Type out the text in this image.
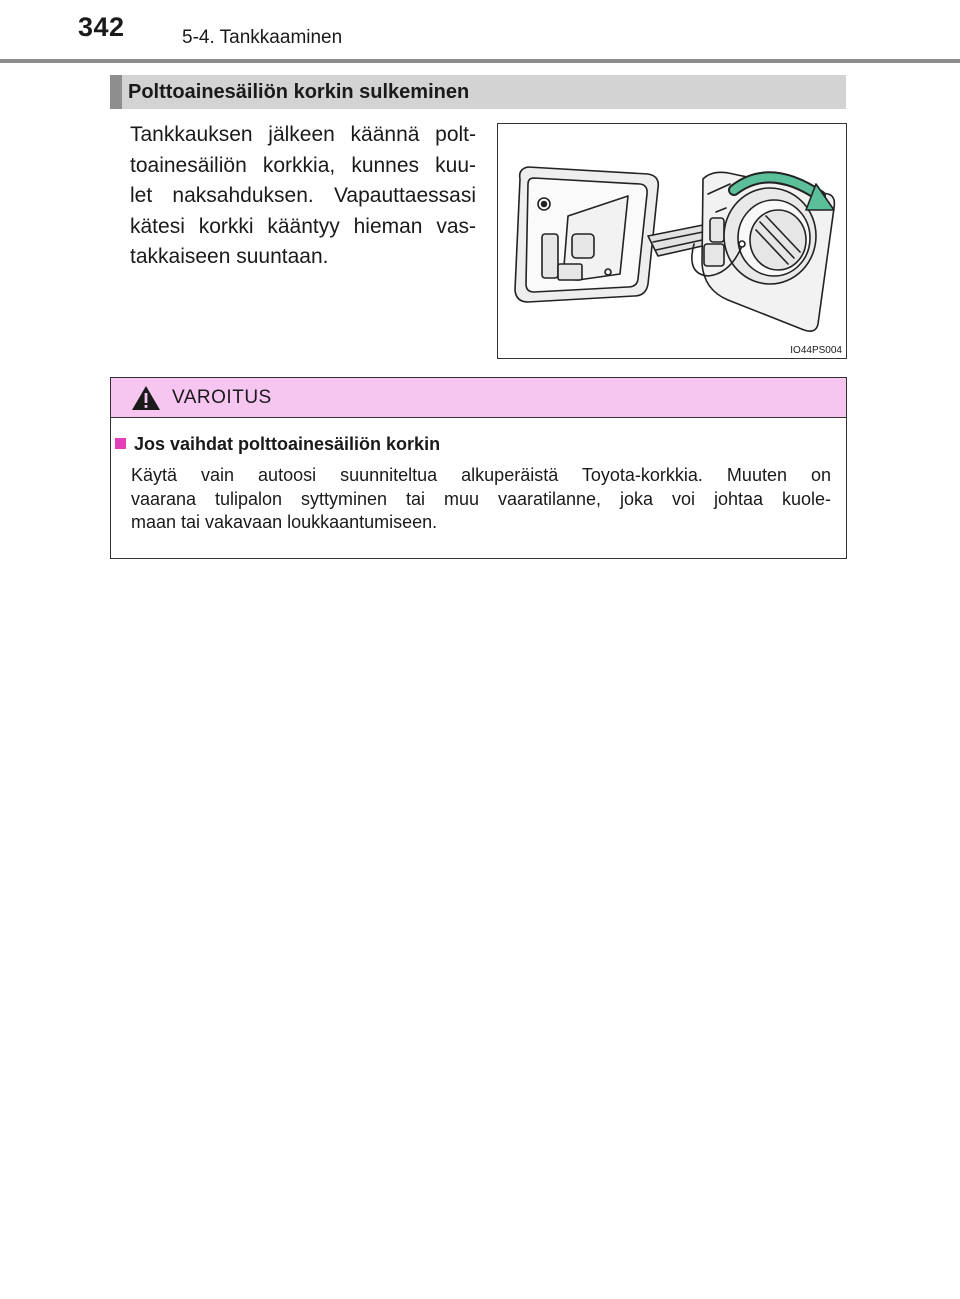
342	5-4. Tankkaaminen
Polttoainesäiliön korkin sulkeminen
Tankkauksen jälkeen käännä polt-
toainesäiliön korkkia, kunnes kuu-
let naksahduksen. Vapauttaessasi
kätesi korkki kääntyy hieman vas-
takkaiseen suuntaan.
IO44PS004
VAROITUS
Jos vaihdat polttoainesäiliön korkin
Käytä vain autoosi suunniteltua alkuperäistä Toyota-korkkia. Muuten on
vaarana tulipalon syttyminen tai muu vaaratilanne, joka voi johtaa kuole-
maan tai vakavaan loukkaantumiseen.
